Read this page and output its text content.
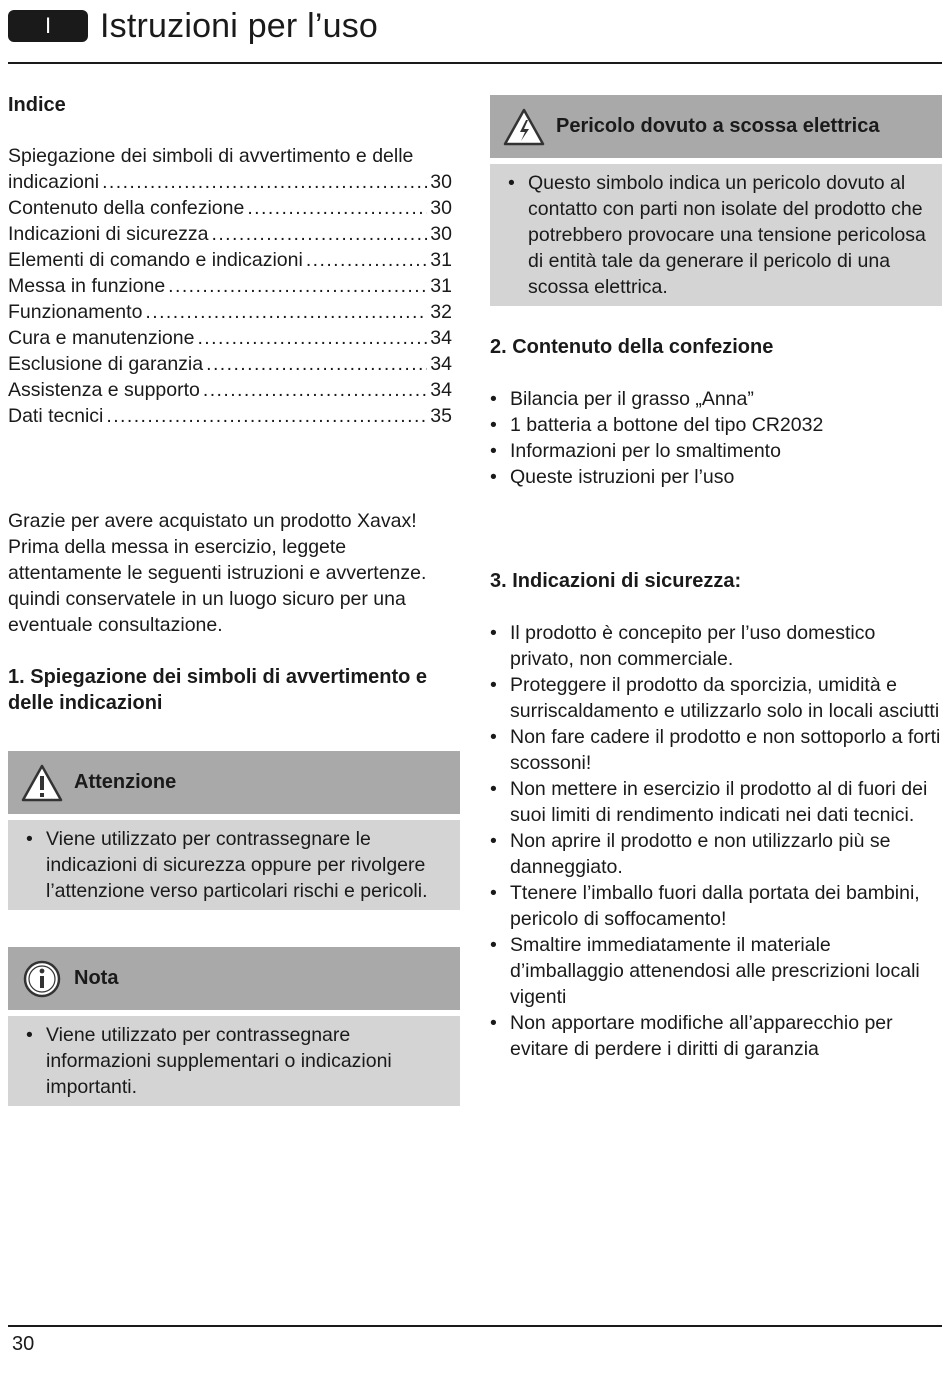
I	Istruzioni per l’uso
Indice
Spiegazione dei simboli di avvertimento e delle
indicazioni . . .	30
Contenuto della confezione . . .	30
Indicazioni di sicurezza . . .	30
Elementi di comando e indicazioni . . .	31
Messa in funzione . . .	31
Funzionamento . . .	32
Cura e manutenzione . . .	34
Esclusione di garanzia . . .	34
Assistenza e supporto . . .	34
Dati tecnici . . .	35
Grazie per avere acquistato un prodotto Xavax!
Prima della messa in esercizio, leggete
attentamente le seguenti istruzioni e avvertenze.
quindi conservatele in un luogo sicuro per una
eventuale consultazione.
1. Spiegazione dei simboli di avvertimento e
delle indicazioni
Attenzione
• Viene utilizzato per contrassegnare le indicazioni di sicurezza oppure per rivolgere l’attenzione verso particolari rischi e pericoli.
Nota
• Viene utilizzato per contrassegnare informazioni supplementari o indicazioni importanti.
Pericolo dovuto a scossa elettrica
• Questo simbolo indica un pericolo dovuto al contatto con parti non isolate del prodotto che potrebbero provocare una tensione pericolosa di entità tale da generare il pericolo di una scossa elettrica.
2. Contenuto della confezione
• Bilancia per il grasso „Anna”
• 1 batteria a bottone del tipo CR2032
• Informazioni per lo smaltimento
• Queste istruzioni per l’uso
3. Indicazioni di sicurezza:
• Il prodotto è concepito per l’uso domestico privato, non commerciale.
• Proteggere il prodotto da sporcizia, umidità e surriscaldamento e utilizzarlo solo in locali asciutti
• Non fare cadere il prodotto e non sottoporlo a forti scossoni!
• Non mettere in esercizio il prodotto al di fuori dei suoi limiti di rendimento indicati nei dati tecnici.
• Non aprire il prodotto e non utilizzarlo più se danneggiato.
• Ttenere l’imballo fuori dalla portata dei bambini, pericolo di soffocamento!
• Smaltire immediatamente il materiale d’imballaggio attenendosi alle prescrizioni locali vigenti
• Non apportare modifiche all’apparecchio per evitare di perdere i diritti di garanzia
30
